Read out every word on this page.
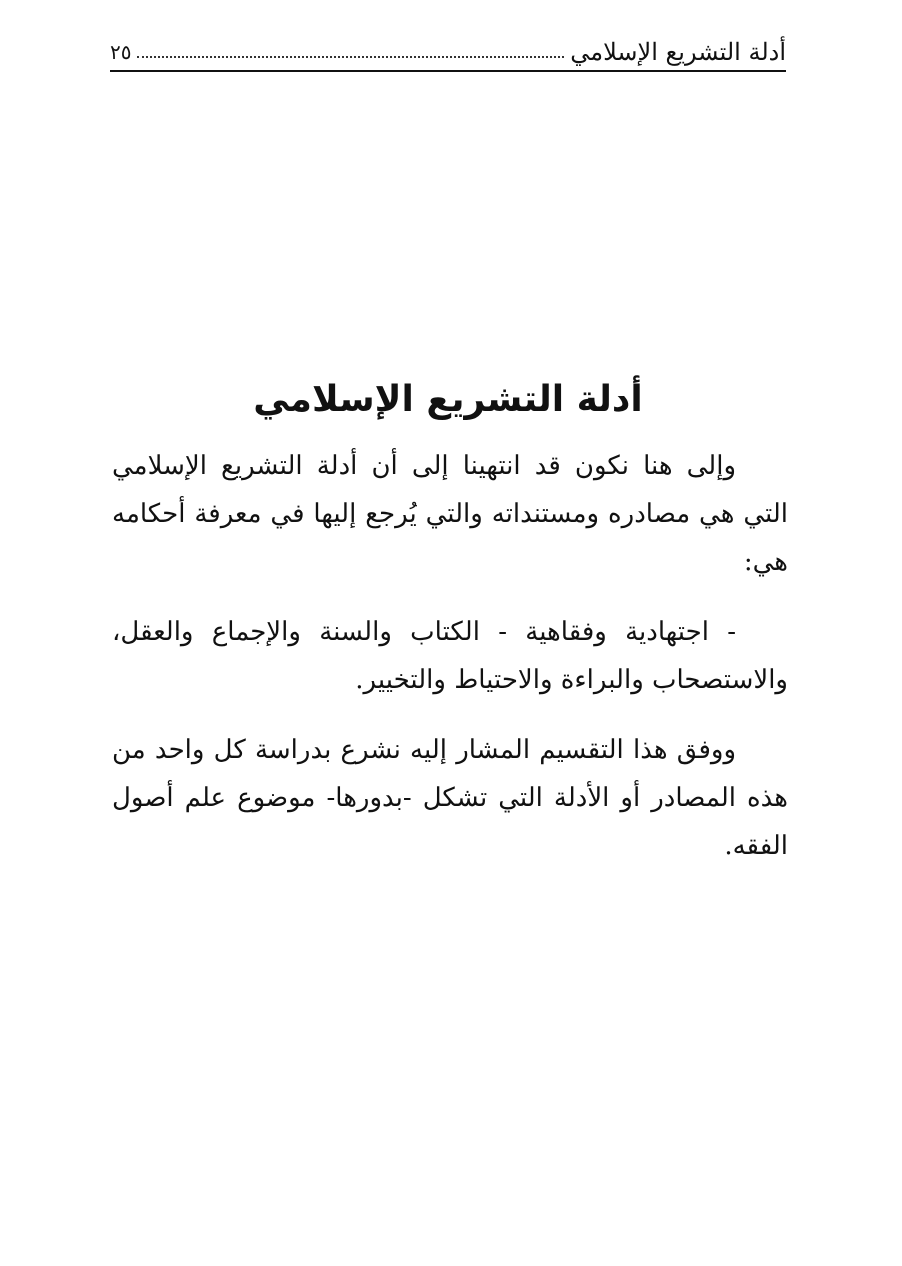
أدلة التشريع الإسلامي
٢٥
أدلة التشريع الإسلامي

وإلى هنا نكون قد انتهينا إلى أن أدلة التشريع الإسلامي التي هي مصادره ومستنداته والتي يُرجع إليها في معرفة أحكامه هي:

- اجتهادية وفقاهية - الكتاب والسنة والإجماع والعقل، والاستصحاب والبراءة والاحتياط والتخيير.

ووفق هذا التقسيم المشار إليه نشرع بدراسة كل واحد من هذه المصادر أو الأدلة التي تشكل -بدورها- موضوع علم أصول الفقه.
